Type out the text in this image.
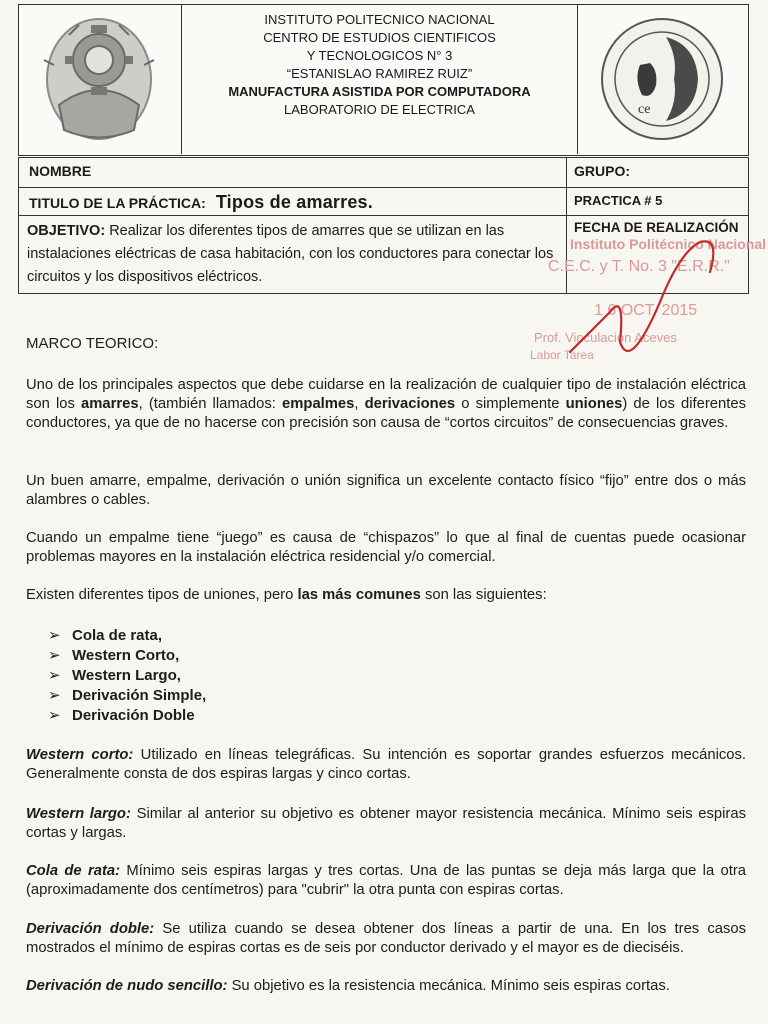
INSTITUTO POLITECNICO NACIONAL
CENTRO DE ESTUDIOS CIENTIFICOS
Y TECNOLOGICOS N° 3
“ESTANISLAO RAMIREZ RUIZ”
MANUFACTURA ASISTIDA POR COMPUTADORA
LABORATORIO DE ELECTRICA	ce
NOMBRE	GRUPO:
TITULO DE LA PRÁCTICA: Tipos de amarres.	PRACTICA # 5
OBJETIVO: Realizar los diferentes tipos de amarres que se utilizan en las instalaciones eléctricas de casa habitación, con los conductores para conectar los circuitos y los dispositivos eléctricos.
FECHA DE REALIZACIÓN
Instituto Politécnico Nacional
C.E.C. y T. No. 3 "E.R.R."
1 6 OCT. 2015
Prof. Vinculación Aceves
Labor Tarea
MARCO TEORICO:
Uno de los principales aspectos que debe cuidarse en la realización de cualquier tipo de instalación eléctrica son los amarres, (también llamados: empalmes, derivaciones o simplemente uniones) de los diferentes conductores, ya que de no hacerse con precisión son causa de “cortos circuitos” de consecuencias graves.
Un buen amarre, empalme, derivación o unión significa un excelente contacto físico “fijo” entre dos o más alambres o cables.
Cuando un empalme tiene “juego” es causa de “chispazos” lo que al final de cuentas puede ocasionar problemas mayores en la instalación eléctrica residencial y/o comercial.
Existen diferentes tipos de uniones, pero las más comunes son las siguientes:
➢ Cola de rata,
➢ Western Corto,
➢ Western Largo,
➢ Derivación Simple,
➢ Derivación Doble
Western corto: Utilizado en líneas telegráficas. Su intención es soportar grandes esfuerzos mecánicos. Generalmente consta de dos espiras largas y cinco cortas.
Western largo: Similar al anterior su objetivo es obtener mayor resistencia mecánica. Mínimo seis espiras cortas y largas.
Cola de rata: Mínimo seis espiras largas y tres cortas. Una de las puntas se deja más larga que la otra (aproximadamente dos centímetros) para "cubrir" la otra punta con espiras cortas.
Derivación doble: Se utiliza cuando se desea obtener dos líneas a partir de una. En los tres casos mostrados el mínimo de espiras cortas es de seis por conductor derivado y el mayor es de dieciséis.
Derivación de nudo sencillo: Su objetivo es la resistencia mecánica. Mínimo seis espiras cortas.
